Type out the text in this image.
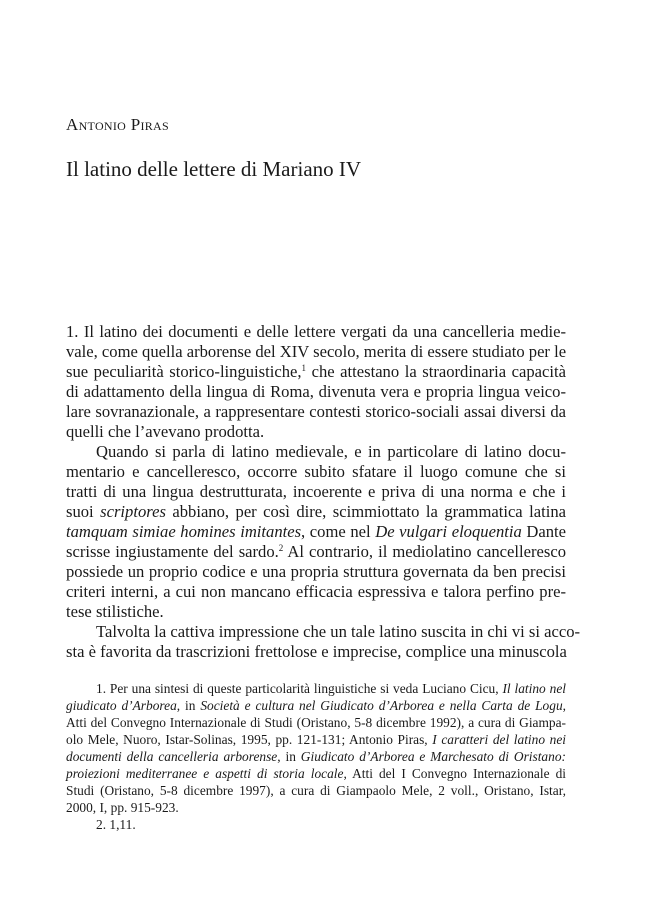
Antonio Piras
Il latino delle lettere di Mariano IV
1. Il latino dei documenti e delle lettere vergati da una cancelleria medie-
vale, come quella arborense del XIV secolo, merita di essere studiato per le
sue peculiarità storico-linguistiche,$^1$ che attestano la straordinaria capacità
di adattamento della lingua di Roma, divenuta vera e propria lingua veico-
lare sovranazionale, a rappresentare contesti storico-sociali assai diversi da
quelli che l’avevano prodotta.
Quando si parla di latino medievale, e in particolare di latino docu-
mentario e cancelleresco, occorre subito sfatare il luogo comune che si
tratti di una lingua destrutturata, incoerente e priva di una norma e che i
suoi scriptores abbiano, per così dire, scimmiottato la grammatica latina
tamquam simiae homines imitantes, come nel De vulgari eloquentia Dante
scrisse ingiustamente del sardo.$^2$ Al contrario, il mediolatino cancelleresco
possiede un proprio codice e una propria struttura governata da ben precisi
criteri interni, a cui non mancano efficacia espressiva e talora perfino pre-
tese stilistiche.
Talvolta la cattiva impressione che un tale latino suscita in chi vi si acco-
sta è favorita da trascrizioni frettolose e imprecise, complice una minuscola
1. Per una sintesi di queste particolarità linguistiche si veda Luciano Cicu, Il latino nel
giudicato d’Arborea, in Società e cultura nel Giudicato d’Arborea e nella Carta de Logu,
Atti del Convegno Internazionale di Studi (Oristano, 5-8 dicembre 1992), a cura di Giampa-
olo Mele, Nuoro, Istar-Solinas, 1995, pp. 121-131; Antonio Piras, I caratteri del latino nei
documenti della cancelleria arborense, in Giudicato d’Arborea e Marchesato di Oristano:
proiezioni mediterranee e aspetti di storia locale, Atti del I Convegno Internazionale di
Studi (Oristano, 5-8 dicembre 1997), a cura di Giampaolo Mele, 2 voll., Oristano, Istar,
2000, I, pp. 915-923.
2. 1,11.
